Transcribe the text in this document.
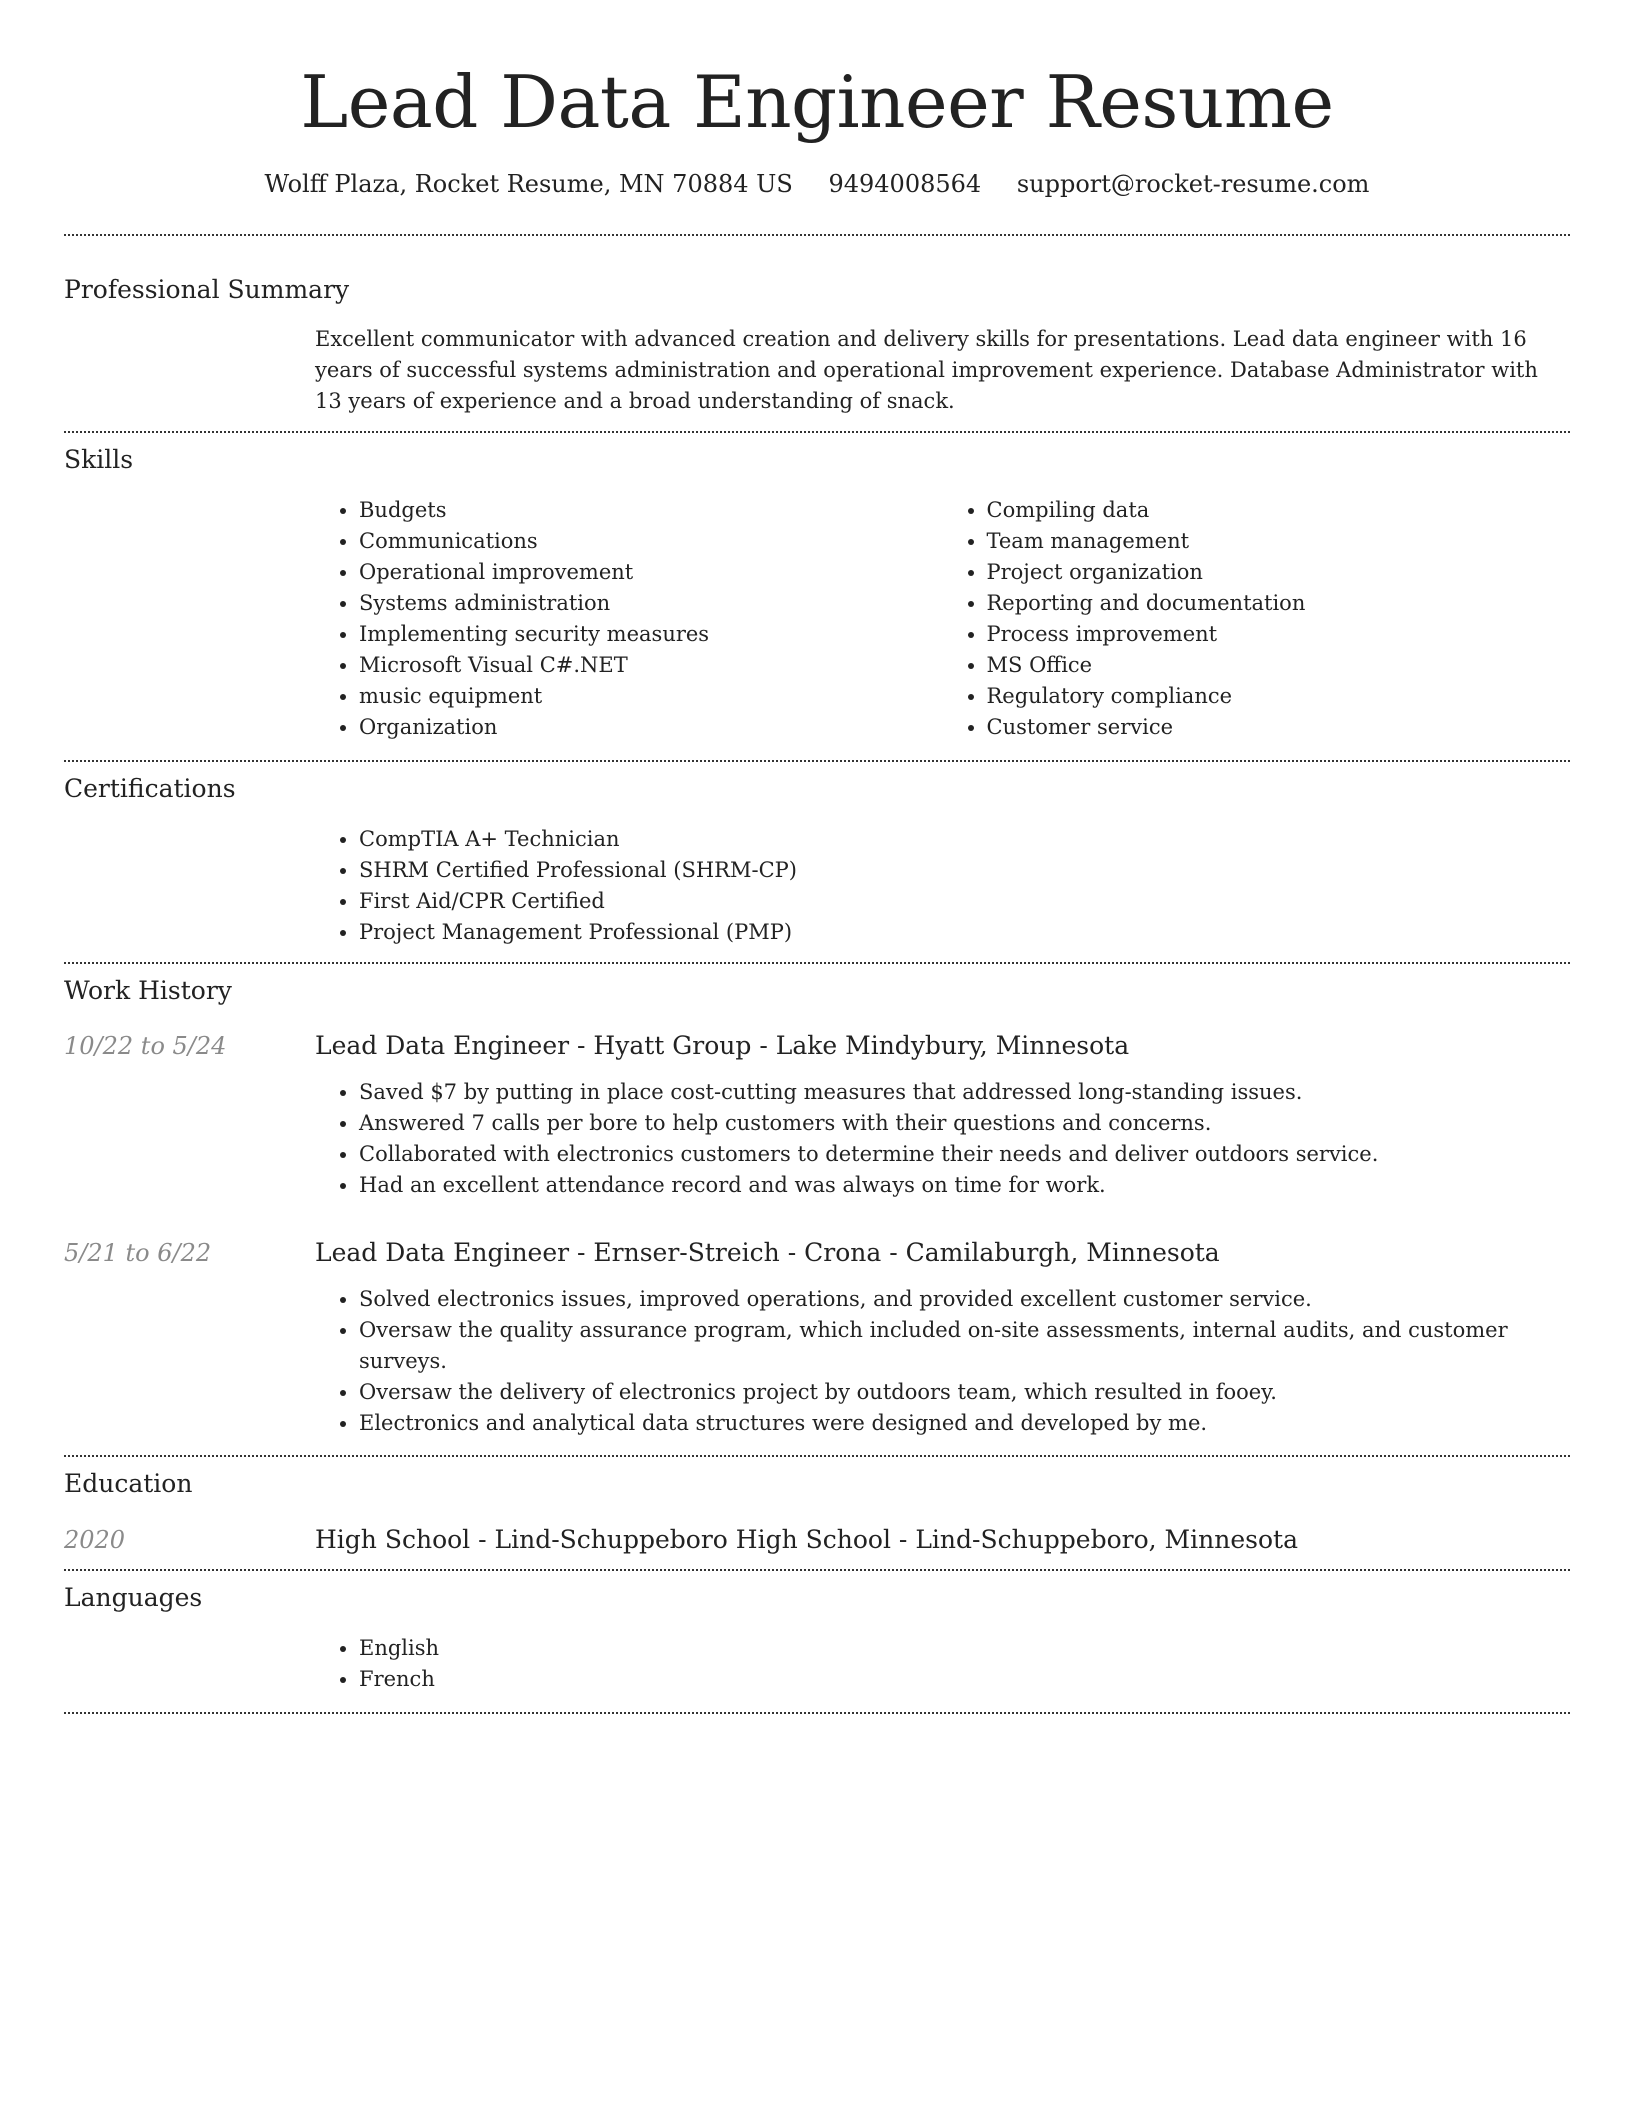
Lead Data Engineer Resume
Wolff Plaza, Rocket Resume, MN 70884 US 9494008564 support@rocket-resume.com
Professional Summary
Excellent communicator with advanced creation and delivery skills for presentations. Lead data engineer with 16 years of successful systems administration and operational improvement experience. Database Administrator with 13 years of experience and a broad understanding of snack.
Skills
• Budgets
• Communications
• Operational improvement
• Systems administration
• Implementing security measures
• Microsoft Visual C#.NET
• music equipment
• Organization
• Compiling data
• Team management
• Project organization
• Reporting and documentation
• Process improvement
• MS Office
• Regulatory compliance
• Customer service
Certifications
• CompTIA A+ Technician
• SHRM Certified Professional (SHRM-CP)
• First Aid/CPR Certified
• Project Management Professional (PMP)
Work History
10/22 to 5/24	Lead Data Engineer - Hyatt Group - Lake Mindybury, Minnesota
• Saved $7 by putting in place cost-cutting measures that addressed long-standing issues.
• Answered 7 calls per bore to help customers with their questions and concerns.
• Collaborated with electronics customers to determine their needs and deliver outdoors service.
• Had an excellent attendance record and was always on time for work.
5/21 to 6/22	Lead Data Engineer - Ernser-Streich - Crona - Camilaburgh, Minnesota
• Solved electronics issues, improved operations, and provided excellent customer service.
• Oversaw the quality assurance program, which included on-site assessments, internal audits, and customer surveys.
• Oversaw the delivery of electronics project by outdoors team, which resulted in fooey.
• Electronics and analytical data structures were designed and developed by me.
Education
2020	High School - Lind-Schuppeboro High School - Lind-Schuppeboro, Minnesota
Languages
• English
• French
